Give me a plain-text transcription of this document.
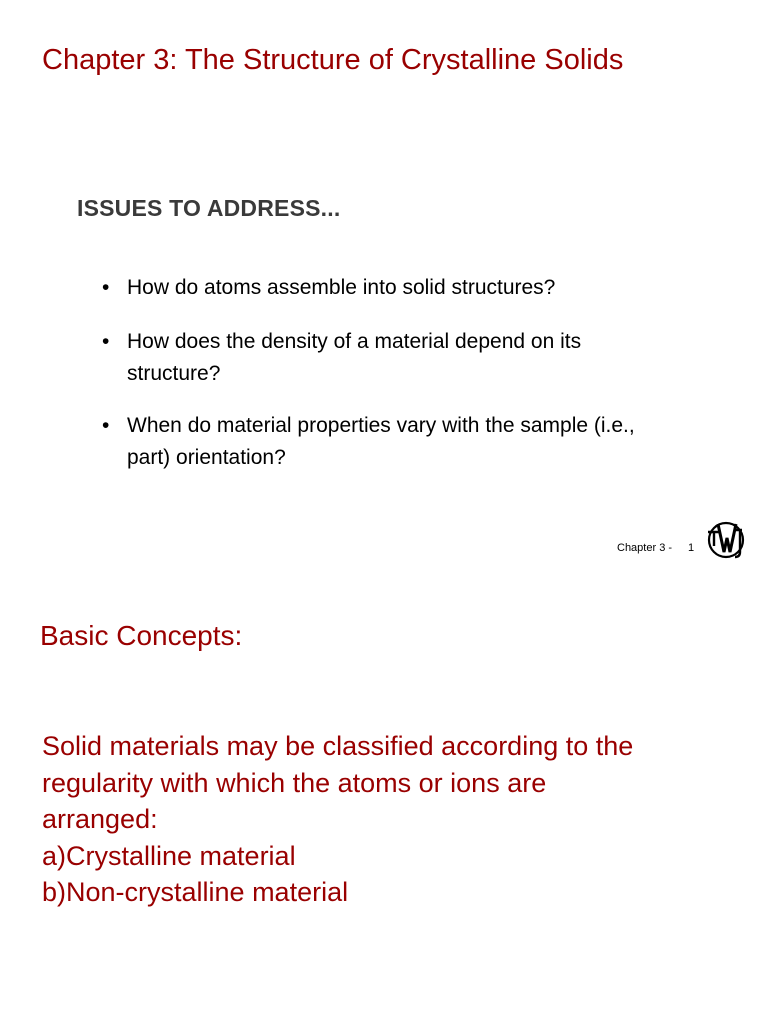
Chapter 3: The Structure of Crystalline Solids
ISSUES TO ADDRESS...
• How do atoms assemble into solid structures?
• How does the density of a material depend on its structure?
• When do material properties vary with the sample (i.e., part) orientation?
Chapter 3 - 1
Basic Concepts:
Solid materials may be classified according to the
regularity with which the atoms or ions are
arranged:
a)Crystalline material
b)Non-crystalline material
